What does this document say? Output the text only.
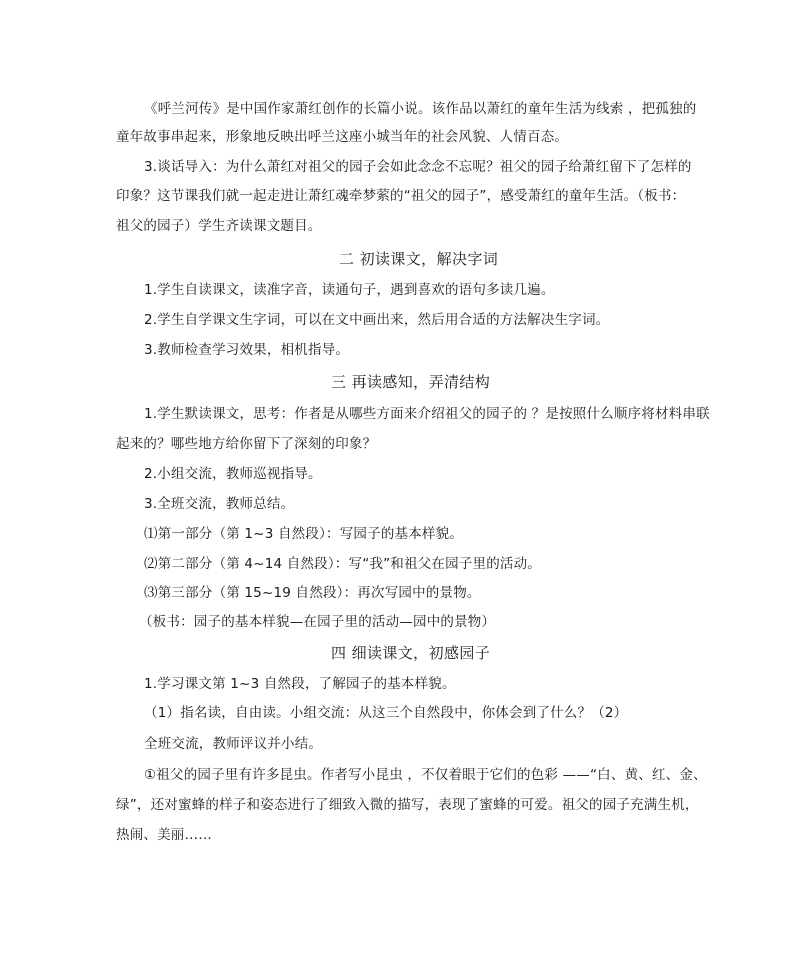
《呼兰河传》是中国作家萧红创作的长篇小说。该作品以萧红的童年生活为线索 ，把孤独的
童年故事串起来，形象地反映出呼兰这座小城当年的社会风貌、人情百态。
3.谈话导入：为什么萧红对祖父的园子会如此念念不忘呢？祖父的园子给萧红留下了怎样的
印象？这节课我们就一起走进让萧红魂牵梦萦的“祖父的园子”，感受萧红的童年生活。（板书：
祖父的园子）学生齐读课文题目。
二 初读课文，解决字词
1.学生自读课文，读准字音，读通句子，遇到喜欢的语句多读几遍。
2.学生自学课文生字词，可以在文中画出来，然后用合适的方法解决生字词。
3.教师检查学习效果，相机指导。
三 再读感知，弄清结构
1.学生默读课文，思考：作者是从哪些方面来介绍祖父的园子的 ？是按照什么顺序将材料串联
起来的？哪些地方给你留下了深刻的印象？
2.小组交流，教师巡视指导。
3.全班交流，教师总结。
⑴第一部分（第 1~3 自然段）：写园子的基本样貌。
⑵第二部分（第 4~14 自然段）：写“我”和祖父在园子里的活动。
⑶第三部分（第 15~19 自然段）：再次写园中的景物。
（板书：园子的基本样貌—在园子里的活动—园中的景物）
四 细读课文，初感园子
1.学习课文第 1~3 自然段，了解园子的基本样貌。
（1）指名读，自由读。小组交流：从这三个自然段中，你体会到了什么？（2）
全班交流，教师评议并小结。
①祖父的园子里有许多昆虫。作者写小昆虫 ，不仅着眼于它们的色彩 ——“白、黄、红、金、
绿”，还对蜜蜂的样子和姿态进行了细致入微的描写，表现了蜜蜂的可爱。祖父的园子充满生机，
热闹、美丽……
